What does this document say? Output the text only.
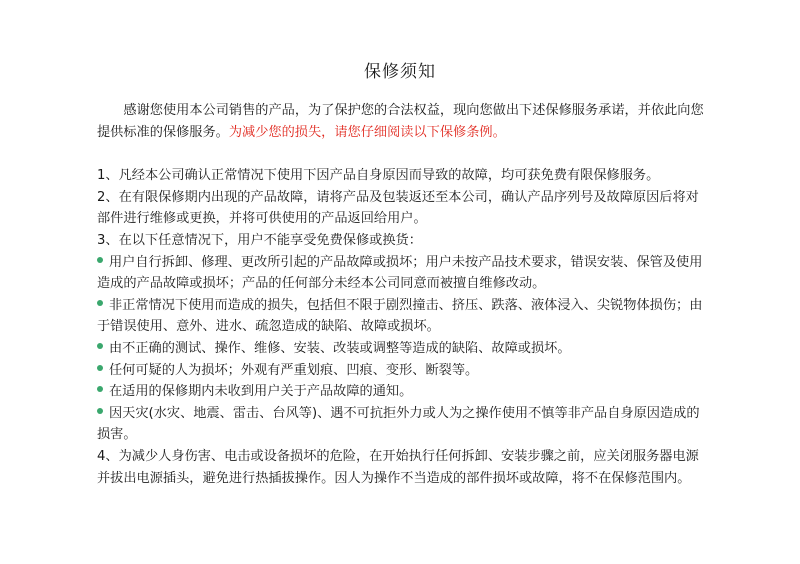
保修须知

感谢您使用本公司销售的产品，为了保护您的合法权益，现向您做出下述保修服务承诺，并依此向您提供标准的保修服务。为减少您的损失，请您仔细阅读以下保修条例。

1、凡经本公司确认正常情况下使用下因产品自身原因而导致的故障，均可获免费有限保修服务。

2、在有限保修期内出现的产品故障，请将产品及包装返还至本公司，确认产品序列号及故障原因后将对部件进行维修或更换，并将可供使用的产品返回给用户。

3、在以下任意情况下，用户不能享受免费保修或换货：

用户自行拆卸、修理、更改所引起的产品故障或损坏；用户未按产品技术要求，错误安装、保管及使用造成的产品故障或损坏；产品的任何部分未经本公司同意而被擅自维修改动。

非正常情况下使用而造成的损失，包括但不限于剧烈撞击、挤压、跌落、液体浸入、尖锐物体损伤；由于错误使用、意外、进水、疏忽造成的缺陷、故障或损坏。

由不正确的测试、操作、维修、安装、改装或调整等造成的缺陷、故障或损坏。

任何可疑的人为损坏；外观有严重划痕、凹痕、变形、断裂等。

在适用的保修期内未收到用户关于产品故障的通知。

因天灾(水灾、地震、雷击、台风等)、遇不可抗拒外力或人为之操作使用不慎等非产品自身原因造成的损害。

4、为减少人身伤害、电击或设备损坏的危险，在开始执行任何拆卸、安装步骤之前，应关闭服务器电源并拔出电源插头，避免进行热插拔操作。因人为操作不当造成的部件损坏或故障，将不在保修范围内。
